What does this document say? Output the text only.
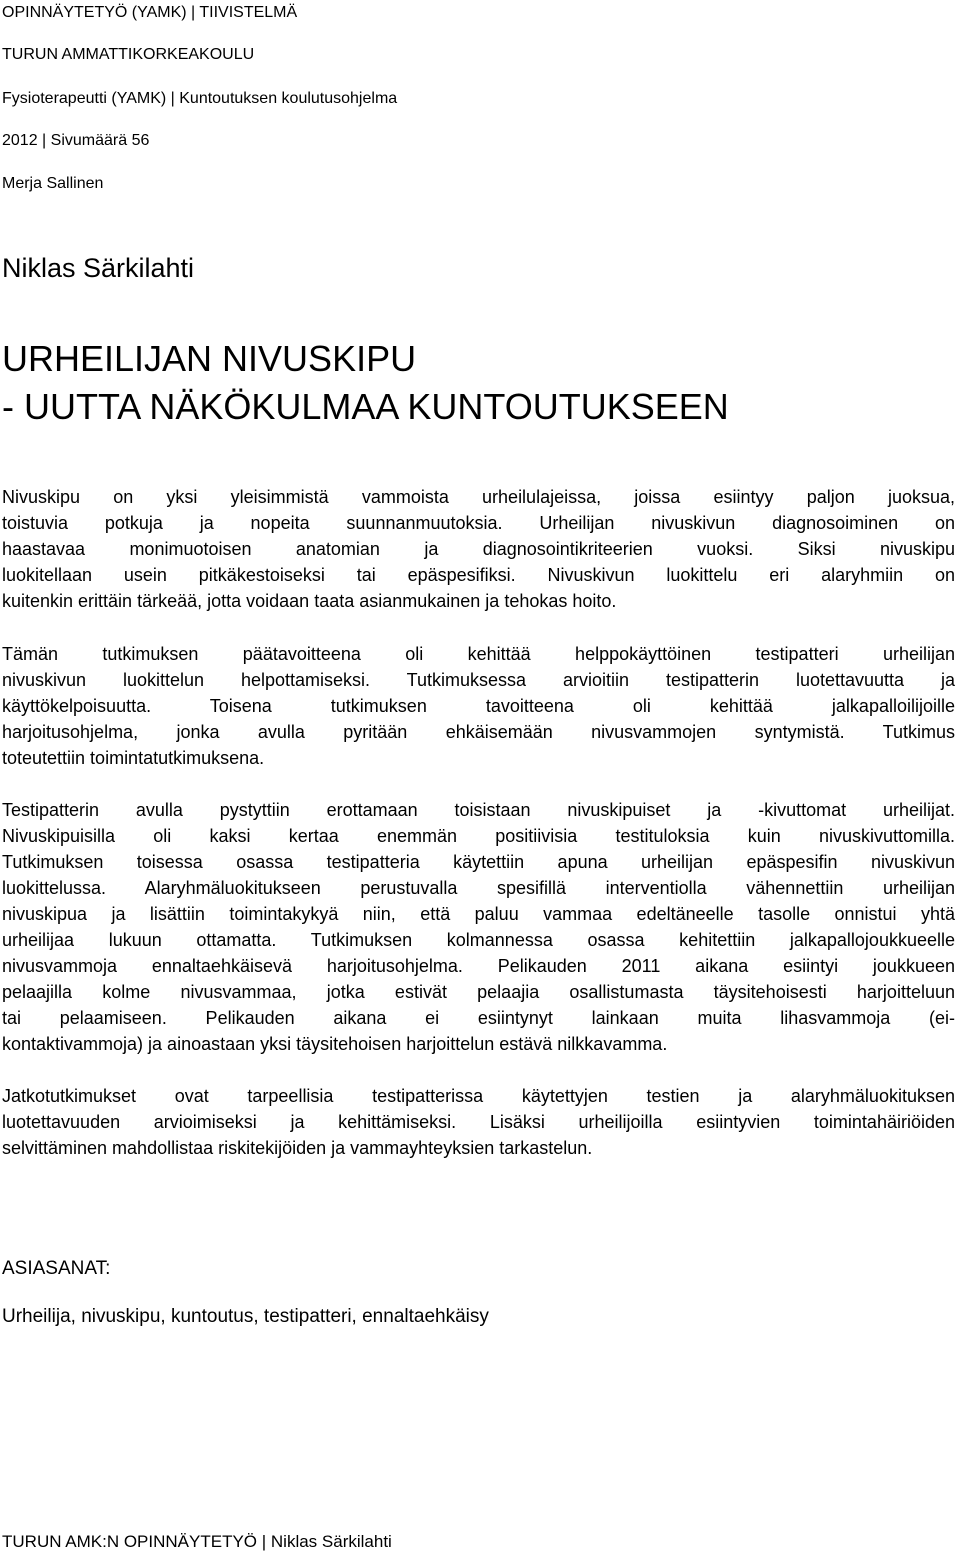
OPINNÄYTETYÖ (YAMK) | TIIVISTELMÄ
TURUN AMMATTIKORKEAKOULU
Fysioterapeutti (YAMK) | Kuntoutuksen koulutusohjelma
2012 | Sivumäärä 56
Merja Sallinen
Niklas Särkilahti
URHEILIJAN NIVUSKIPU
- UUTTA NÄKÖKULMAA KUNTOUTUKSEEN
Nivuskipu on yksi yleisimmistä vammoista urheilulajeissa, joissa esiintyy paljon juoksua,
toistuvia potkuja ja nopeita suunnanmuutoksia. Urheilijan nivuskivun diagnosoiminen on
haastavaa monimuotoisen anatomian ja diagnosointikriteerien vuoksi. Siksi nivuskipu
luokitellaan usein pitkäkestoiseksi tai epäspesifiksi. Nivuskivun luokittelu eri alaryhmiin on
kuitenkin erittäin tärkeää, jotta voidaan taata asianmukainen ja tehokas hoito.
Tämän tutkimuksen päätavoitteena oli kehittää helppokäyttöinen testipatteri urheilijan
nivuskivun luokittelun helpottamiseksi. Tutkimuksessa arvioitiin testipatterin luotettavuutta ja
käyttökelpoisuutta. Toisena tutkimuksen tavoitteena oli kehittää jalkapalloilijoille
harjoitusohjelma, jonka avulla pyritään ehkäisemään nivusvammojen syntymistä. Tutkimus
toteutettiin toimintatutkimuksena.
Testipatterin avulla pystyttiin erottamaan toisistaan nivuskipuiset ja -kivuttomat urheilijat.
Nivuskipuisilla oli kaksi kertaa enemmän positiivisia testituloksia kuin nivuskivuttomilla.
Tutkimuksen toisessa osassa testipatteria käytettiin apuna urheilijan epäspesifin nivuskivun
luokittelussa. Alaryhmäluokitukseen perustuvalla spesifillä interventiolla vähennettiin urheilijan
nivuskipua ja lisättiin toimintakykyä niin, että paluu vammaa edeltäneelle tasolle onnistui yhtä
urheilijaa lukuun ottamatta. Tutkimuksen kolmannessa osassa kehitettiin jalkapallojoukkueelle
nivusvammoja ennaltaehkäisevä harjoitusohjelma. Pelikauden 2011 aikana esiintyi joukkueen
pelaajilla kolme nivusvammaa, jotka estivät pelaajia osallistumasta täysitehoisesti harjoitteluun
tai pelaamiseen. Pelikauden aikana ei esiintynyt lainkaan muita lihasvammoja (ei-
kontaktivammoja) ja ainoastaan yksi täysitehoisen harjoittelun estävä nilkkavamma.
Jatkotutkimukset ovat tarpeellisia testipatterissa käytettyjen testien ja alaryhmäluokituksen
luotettavuuden arvioimiseksi ja kehittämiseksi. Lisäksi urheilijoilla esiintyvien toimintahäiriöiden
selvittäminen mahdollistaa riskitekijöiden ja vammayhteyksien tarkastelun.
ASIASANAT:
Urheilija, nivuskipu, kuntoutus, testipatteri, ennaltaehkäisy
TURUN AMK:N OPINNÄYTETYÖ | Niklas Särkilahti
